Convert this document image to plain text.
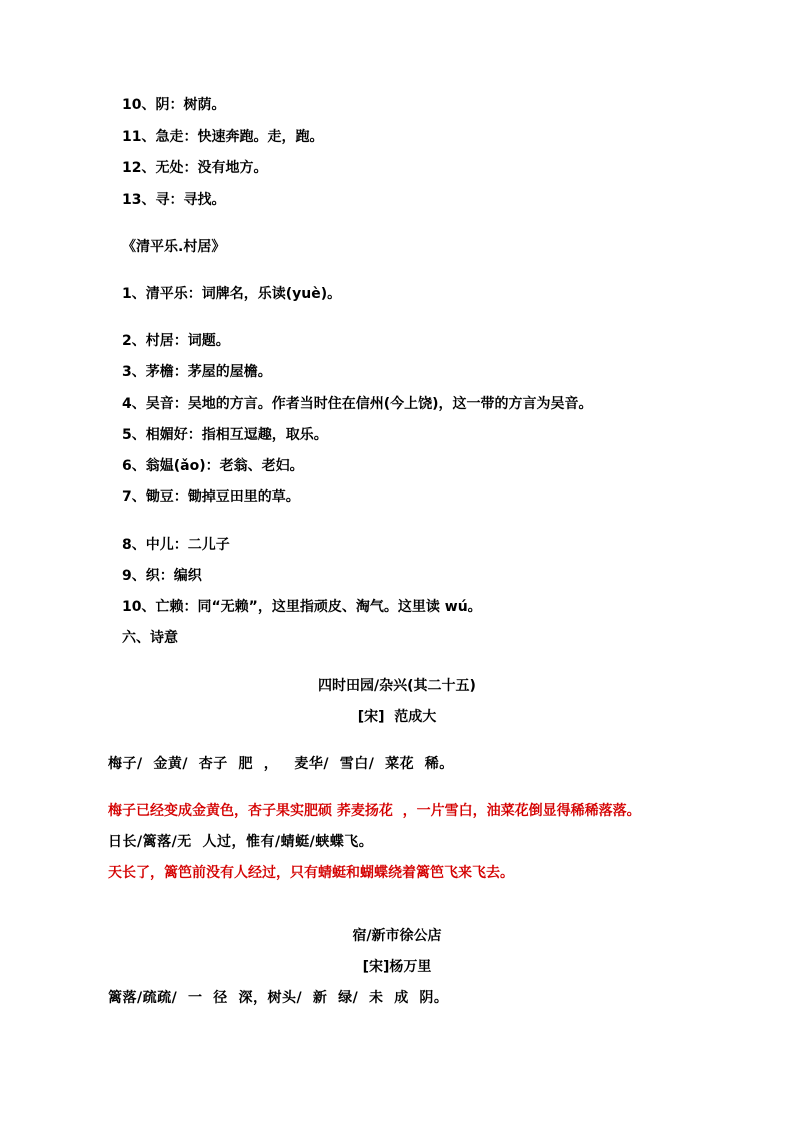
10、阴：树荫。
11、急走：快速奔跑。走，跑。
12、无处：没有地方。
13、寻：寻找。
《清平乐.村居》
1、清平乐：词牌名，乐读(yuè)。
2、村居：词题。
3、茅檐：茅屋的屋檐。
4、吴音：吴地的方言。作者当时住在信州(今上饶)，这一带的方言为吴音。
5、相媚好：指相互逗趣，取乐。
6、翁媪(ǎo)：老翁、老妇。
7、锄豆：锄掉豆田里的草。
8、中儿：二儿子
9、织：编织
10、亡赖：同“无赖”，这里指顽皮、淘气。这里读 wú。
六、诗意
四时田园/杂兴(其二十五)
[宋]  范成大
梅子/  金黄/  杏子  肥  ，   麦华/  雪白/  菜花  稀。
梅子已经变成金黄色，杏子果实肥硕 荞麦扬花  ，一片雪白，油菜花倒显得稀稀落落。
日长/篱落/无  人过，惟有/蜻蜓/蛱蝶飞。
天长了，篱笆前没有人经过，只有蜻蜓和蝴蝶绕着篱笆飞来飞去。
宿/新市徐公店
[宋]杨万里
篱落/疏疏/  一  径  深，树头/  新  绿/  未  成  阴。
